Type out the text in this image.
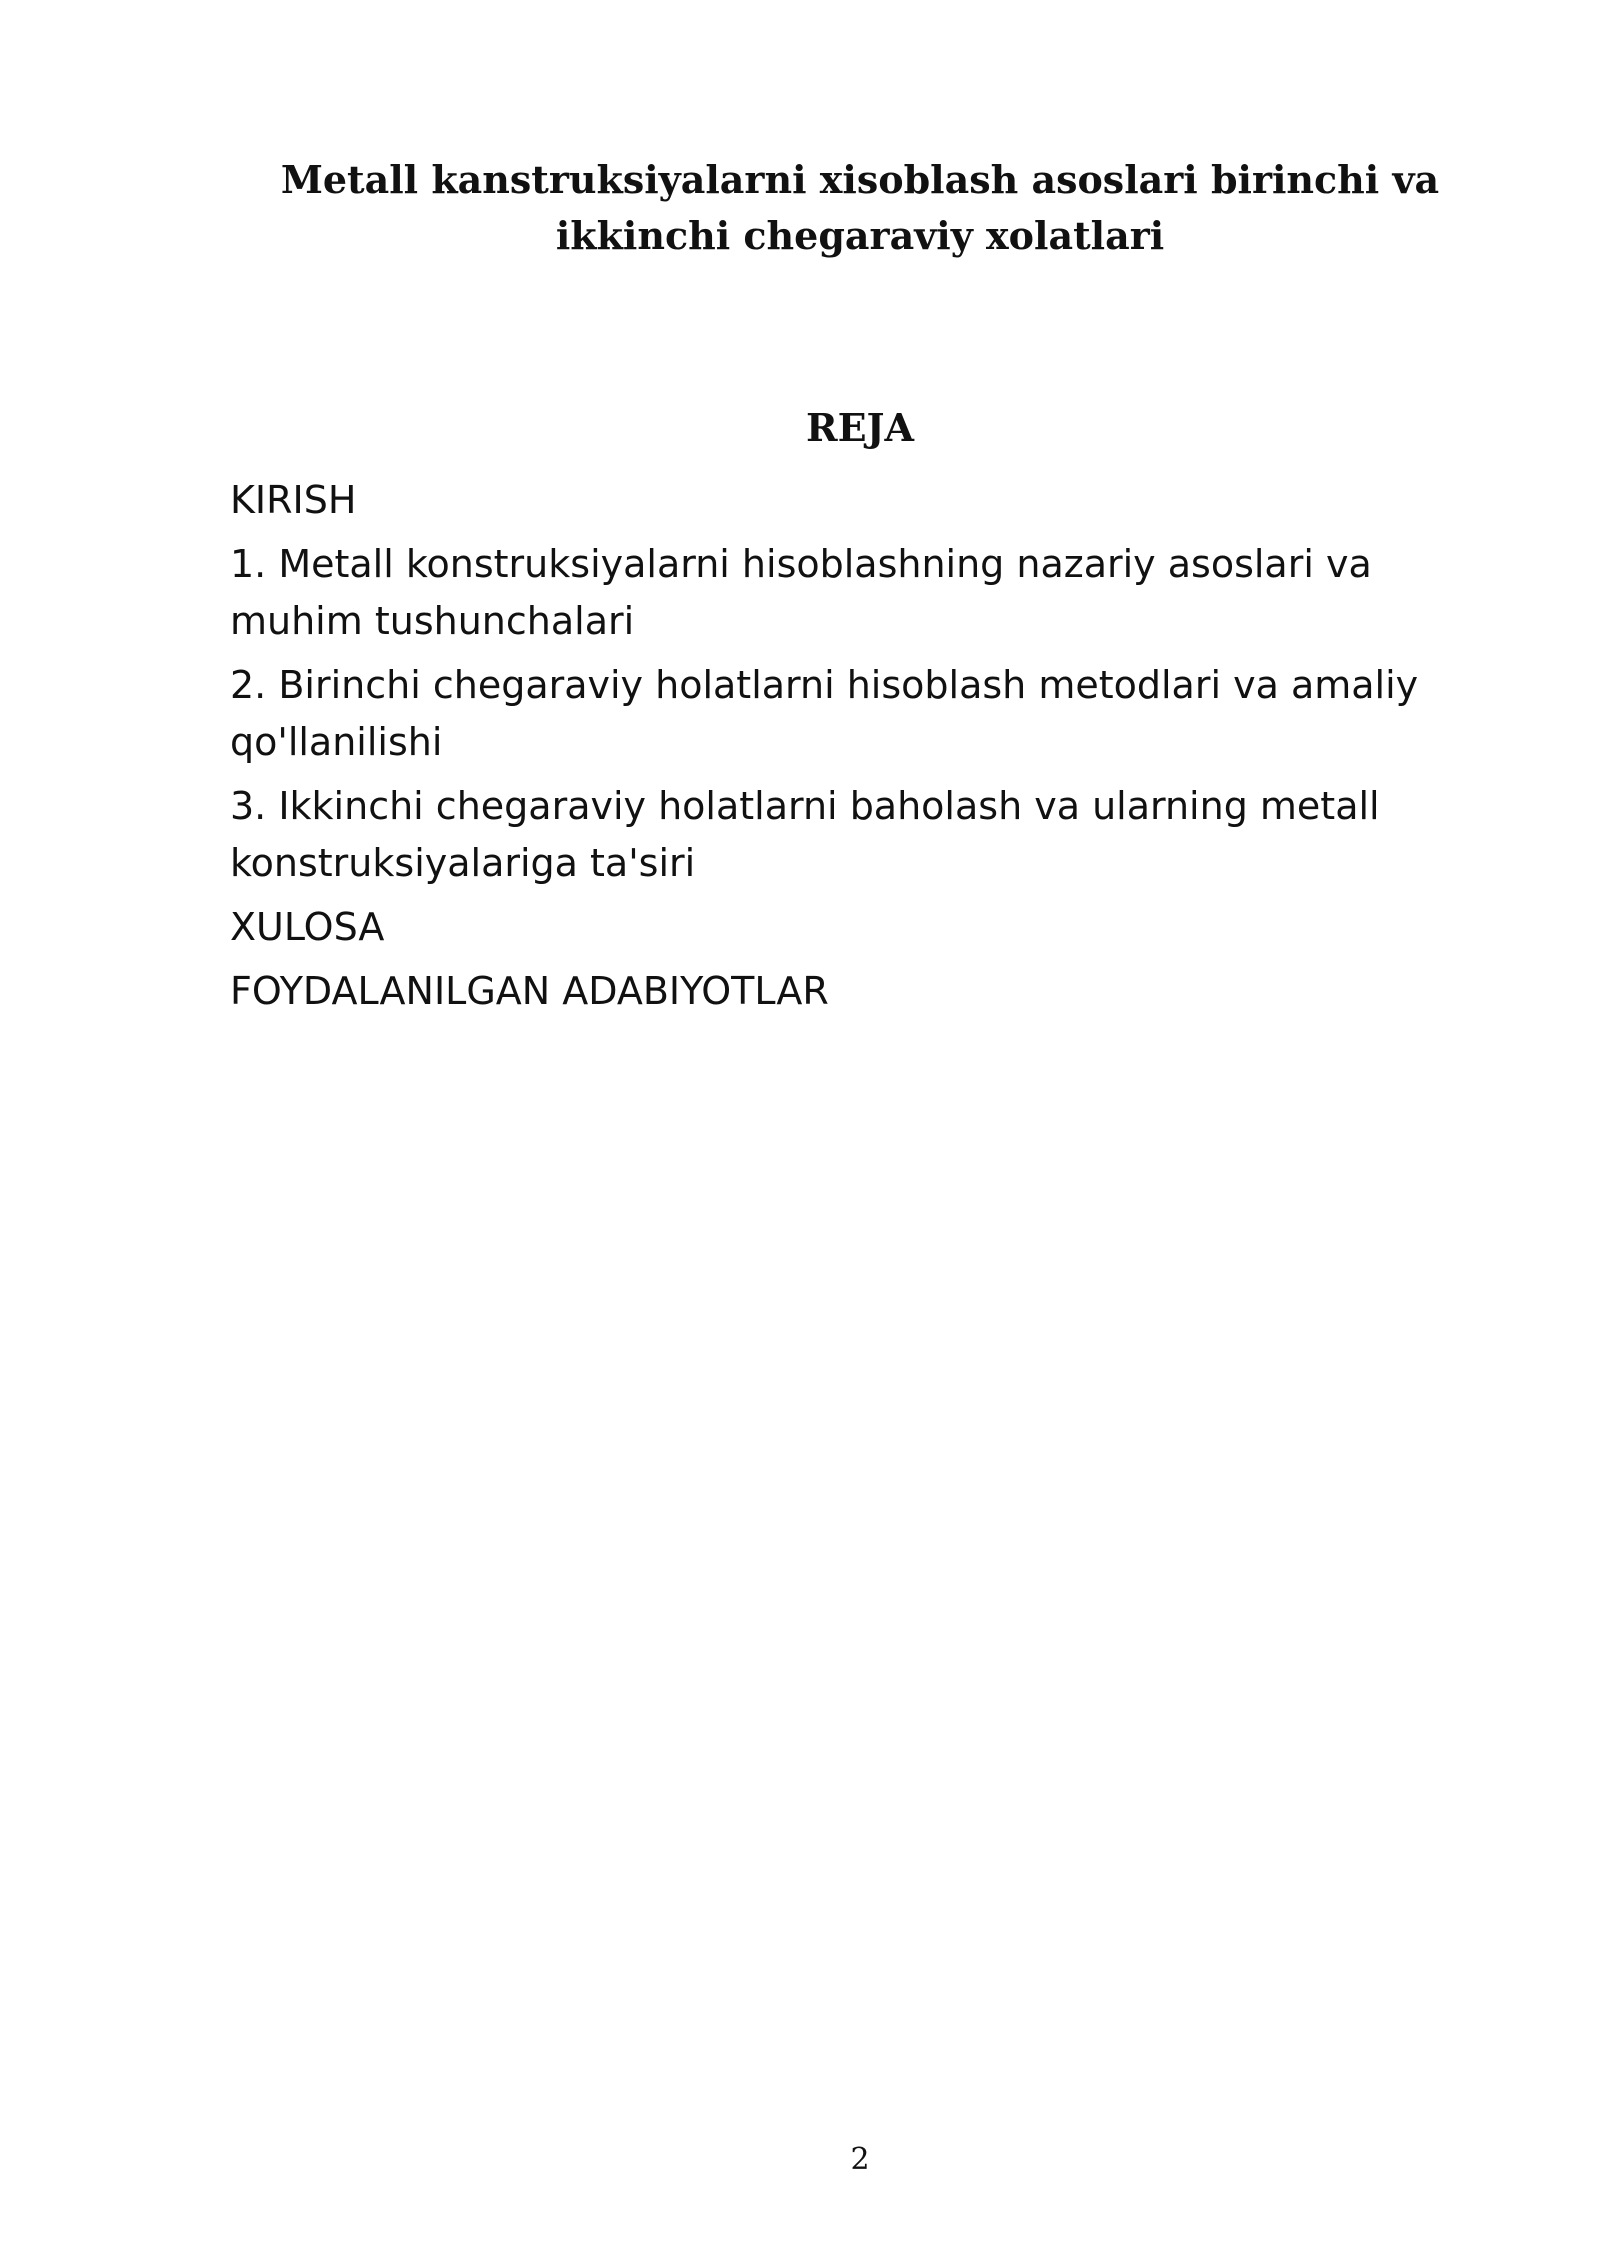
Metall kanstruksiyalarni xisoblash asoslari birinchi va
ikkinchi chegaraviy xolatlari
REJA
KIRISH
1. Metall konstruksiyalarni hisoblashning nazariy asoslari va muhim tushunchalari
2. Birinchi chegaraviy holatlarni hisoblash metodlari va amaliy qo'llanilishi
3. Ikkinchi chegaraviy holatlarni baholash va ularning metall konstruksiyalariga ta'siri
XULOSA
FOYDALANILGAN ADABIYOTLAR
2
